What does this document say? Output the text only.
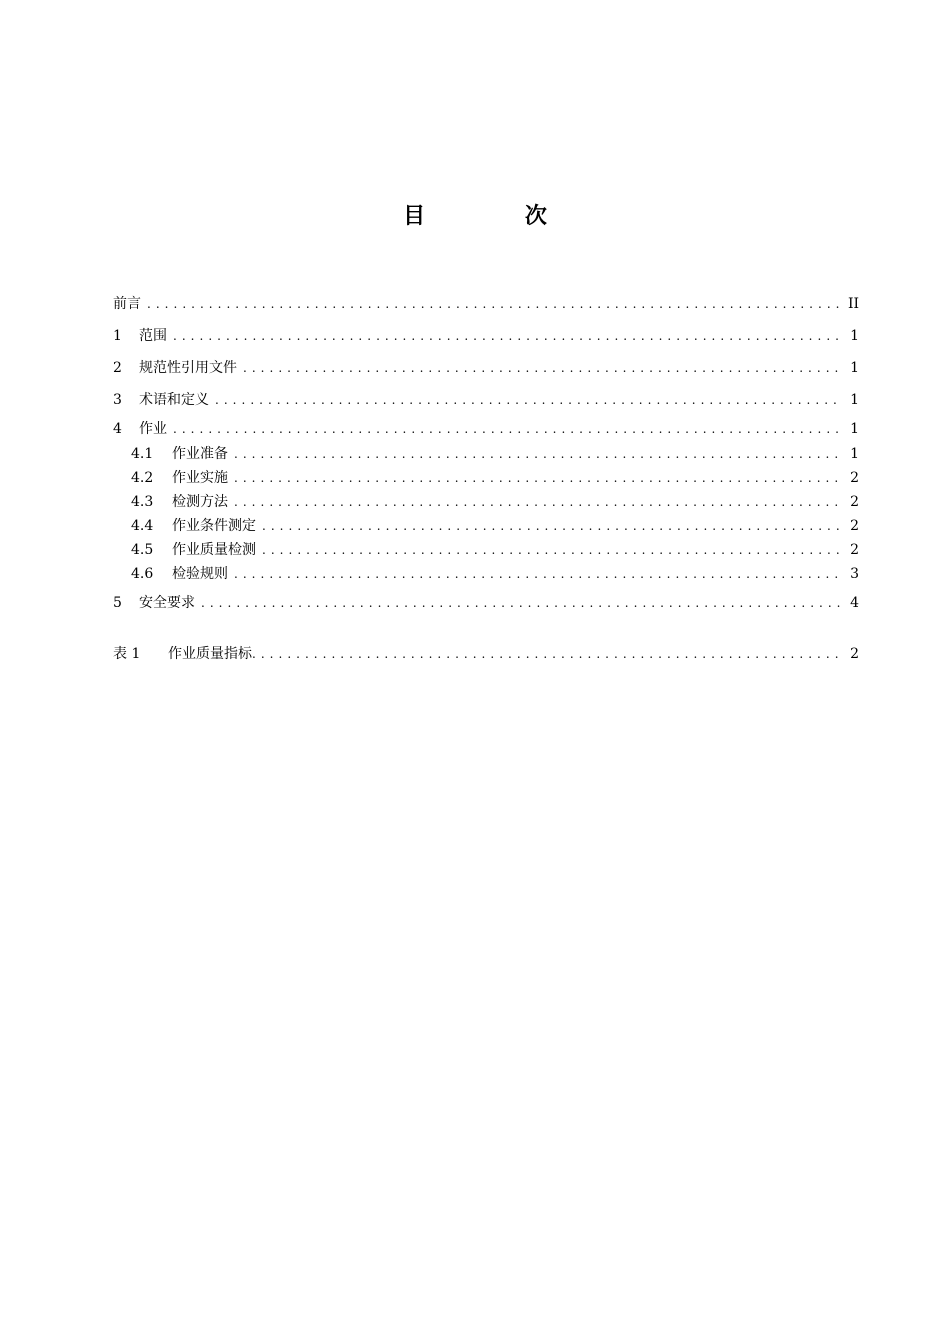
目 次
前言 . . .	II
1	范围 . . .	1
2	规范性引用文件 . . .	1
3	术语和定义 . . .	1
4	作业 . . .	1
4.1	作业准备 . . .	1
4.2	作业实施 . . .	2
4.3	检测方法 . . .	2
4.4	作业条件测定 . . .	2
4.5	作业质量检测 . . .	2
4.6	检验规则 . . .	3
5	安全要求 . . .	4
表 1	作业质量指标 . . .	2
